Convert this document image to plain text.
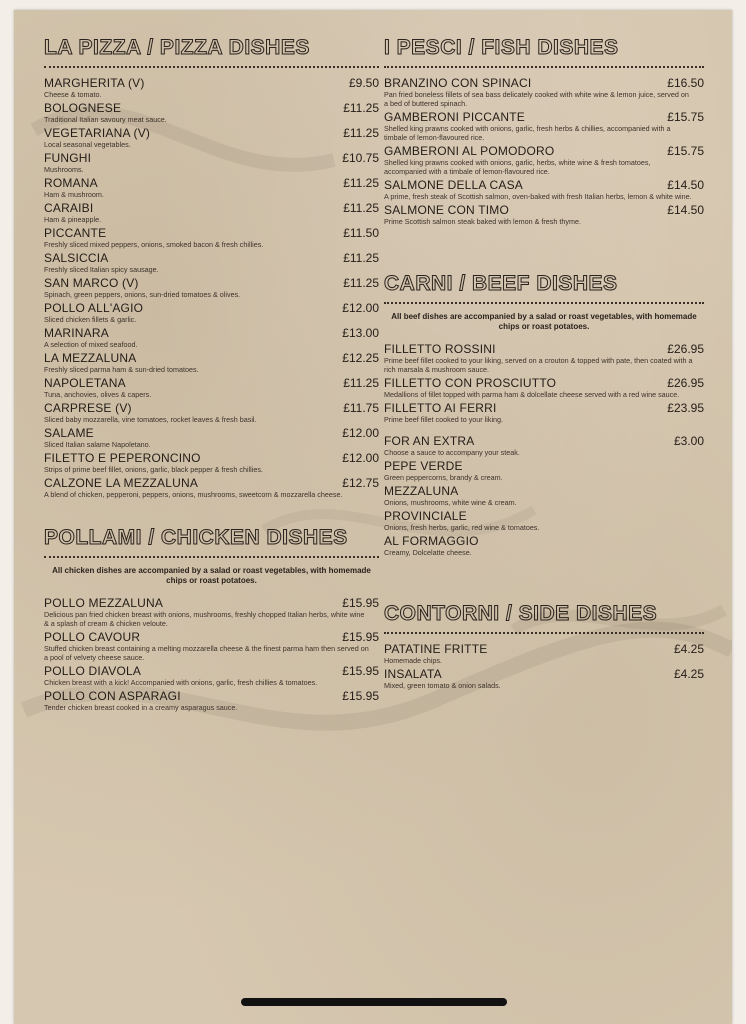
LA PIZZA / PIZZA DISHES
MARGHERITA (V)	£9.50
Cheese & tomato.
BOLOGNESE	£11.25
Traditional Italian savoury meat sauce.
VEGETARIANA (V)	£11.25
Local seasonal vegetables.
FUNGHI	£10.75
Mushrooms.
ROMANA	£11.25
Ham & mushroom.
CARAIBI	£11.25
Ham & pineapple.
PICCANTE	£11.50
Freshly sliced mixed peppers, onions, smoked bacon & fresh chillies.
SALSICCIA	£11.25
Freshly sliced Italian spicy sausage.
SAN MARCO (V)	£11.25
Spinach, green peppers, onions, sun-dried tomatoes & olives.
POLLO ALL'AGIO	£12.00
Sliced chicken fillets & garlic.
MARINARA	£13.00
A selection of mixed seafood.
LA MEZZALUNA	£12.25
Freshly sliced parma ham & sun-dried tomatoes.
NAPOLETANA	£11.25
Tuna, anchovies, olives & capers.
CARPRESE (V)	£11.75
Sliced baby mozzarella, vine tomatoes, rocket leaves & fresh basil.
SALAME	£12.00
Sliced Italian salame Napoletano.
FILETTO E PEPERONCINO	£12.00
Strips of prime beef fillet, onions, garlic, black pepper & fresh chillies.
CALZONE LA MEZZALUNA	£12.75
A blend of chicken, pepperoni, peppers, onions, mushrooms, sweetcorn & mozzarella cheese.
POLLAMI / CHICKEN DISHES
All chicken dishes are accompanied by a salad or roast vegetables, with homemade chips or roast potatoes.
POLLO MEZZALUNA	£15.95
Delicious pan fried chicken breast with onions, mushrooms, freshly chopped Italian herbs, white wine & a splash of cream & chicken veloute.
POLLO CAVOUR	£15.95
Stuffed chicken breast containing a melting mozzarella cheese & the finest parma ham then served on a pool of velvety cheese sauce.
POLLO DIAVOLA	£15.95
Chicken breast with a kick! Accompanied with onions, garlic, fresh chillies & tomatoes.
POLLO CON ASPARAGI	£15.95
Tender chicken breast cooked in a creamy asparagus sauce.
I PESCI / FISH DISHES
BRANZINO CON SPINACI	£16.50
Pan fried boneless fillets of sea bass delicately cooked with white wine & lemon juice, served on a bed of buttered spinach.
GAMBERONI PICCANTE	£15.75
Shelled king prawns cooked with onions, garlic, fresh herbs & chillies, accompanied with a timbale of lemon-flavoured rice.
GAMBERONI AL POMODORO	£15.75
Shelled king prawns cooked with onions, garlic, herbs, white wine & fresh tomatoes, accompanied with a timbale of lemon-flavoured rice.
SALMONE DELLA CASA	£14.50
A prime, fresh steak of Scottish salmon, oven-baked with fresh Italian herbs, lemon & white wine.
SALMONE CON TIMO	£14.50
Prime Scottish salmon steak baked with lemon & fresh thyme.
CARNI / BEEF DISHES
All beef dishes are accompanied by a salad or roast vegetables, with homemade chips or roast potatoes.
FILLETTO ROSSINI	£26.95
Prime beef fillet cooked to your liking, served on a crouton & topped with pate, then coated with a rich marsala & mushroom sauce.
FILLETTO CON PROSCIUTTO	£26.95
Medallions of fillet topped with parma ham & dolcellate cheese served with a red wine sauce.
FILLETTO AI FERRI	£23.95
Prime beef fillet cooked to your liking.
FOR AN EXTRA	£3.00
Choose a sauce to accompany your steak.
PEPE VERDE
Green peppercorns, brandy & cream.
MEZZALUNA
Onions, mushrooms, white wine & cream.
PROVINCIALE
Onions, fresh herbs, garlic, red wine & tomatoes.
AL FORMAGGIO
Creamy, Dolcelatte cheese.
CONTORNI / SIDE DISHES
PATATINE FRITTE	£4.25
Homemade chips.
INSALATA	£4.25
Mixed, green tomato & onion salads.
